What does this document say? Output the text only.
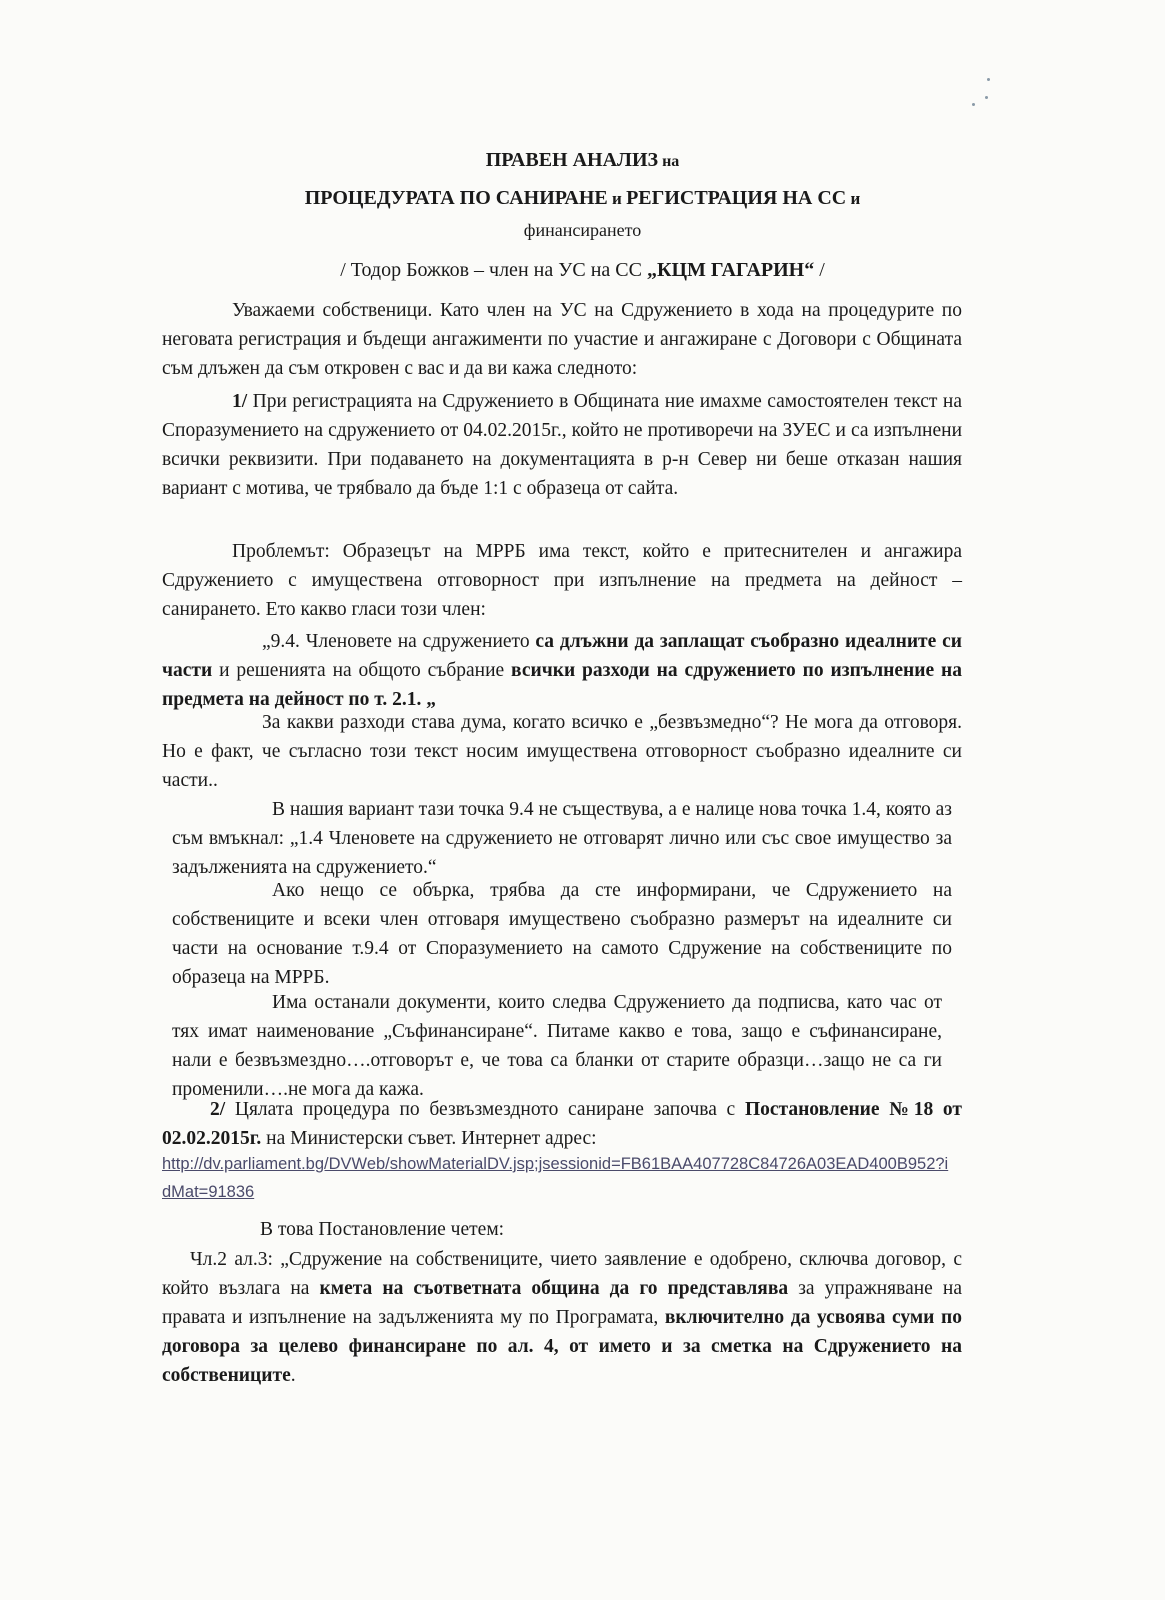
ПРАВЕН АНАЛИЗ на
ПРОЦЕДУРАТА ПО САНИРАНЕ и РЕГИСТРАЦИЯ НА СС и
финансирането
/ Тодор Божков – член на УС на СС „КЦМ ГАГАРИН“ /
Уважаеми собственици. Като член на УС на Сдружението в хода на процедурите по неговата регистрация и бъдещи ангажименти по участие и ангажиране с Договори с Общината съм длъжен да съм откровен с вас и да ви кажа следното:
1/ При регистрацията на Сдружението в Общината ние имахме самостоятелен текст на Споразумението на сдружението от 04.02.2015г., който не противоречи на ЗУЕС и са изпълнени всички реквизити. При подаването на документацията в р-н Север ни беше отказан нашия вариант с мотива, че трябвало да бъде 1:1 с образеца от сайта.
Проблемът: Образецът на МРРБ има текст, който е притеснителен и ангажира Сдружението с имуществена отговорност при изпълнение на предмета на дейност – санирането. Ето какво гласи този член:
„9.4. Членовете на сдружението са длъжни да заплащат съобразно идеалните си части и решенията на общото събрание всички разходи на сдружението по изпълнение на предмета на дейност по т. 2.1. „
За какви разходи става дума, когато всичко е „безвъзмедно“? Не мога да отговоря. Но е факт, че съгласно този текст носим имуществена отговорност съобразно идеалните си части..
В нашия вариант тази точка 9.4 не съществува, а е налице нова точка 1.4, която аз съм вмъкнал: „1.4 Членовете на сдружението не отговарят лично или със свое имущество за задълженията на сдружението.“
Ако нещо се обърка, трябва да сте информирани, че Сдружението на собствениците и всеки член отговаря имуществено съобразно размерът на идеалните си части на основание т.9.4 от Споразумението на самото Сдружение на собствениците по образеца на МРРБ.
Има останали документи, които следва Сдружението да подписва, като час от тях имат наименование „Съфинансиране“. Питаме какво е това, защо е съфинансиране, нали е безвъзмездно….отговорът е, че това са бланки от старите образци…защо не са ги променили….не мога да кажа.
2/ Цялата процедура по безвъзмездното саниране започва с Постановление №18 от 02.02.2015г. на Министерски съвет. Интернет адрес:
http://dv.parliament.bg/DVWeb/showMaterialDV.jsp;jsessionid=FB61BAA407728C84726A03EAD400B952?idMat=91836
В това Постановление четем:
Чл.2 ал.3: „Сдружение на собствениците, чието заявление е одобрено, сключва договор, с който възлага на кмета на съответната община да го представлява за упражняване на правата и изпълнение на задълженията му по Програмата, включително да усвоява суми по договора за целево финансиране по ал. 4, от името и за сметка на Сдружението на собствениците.
